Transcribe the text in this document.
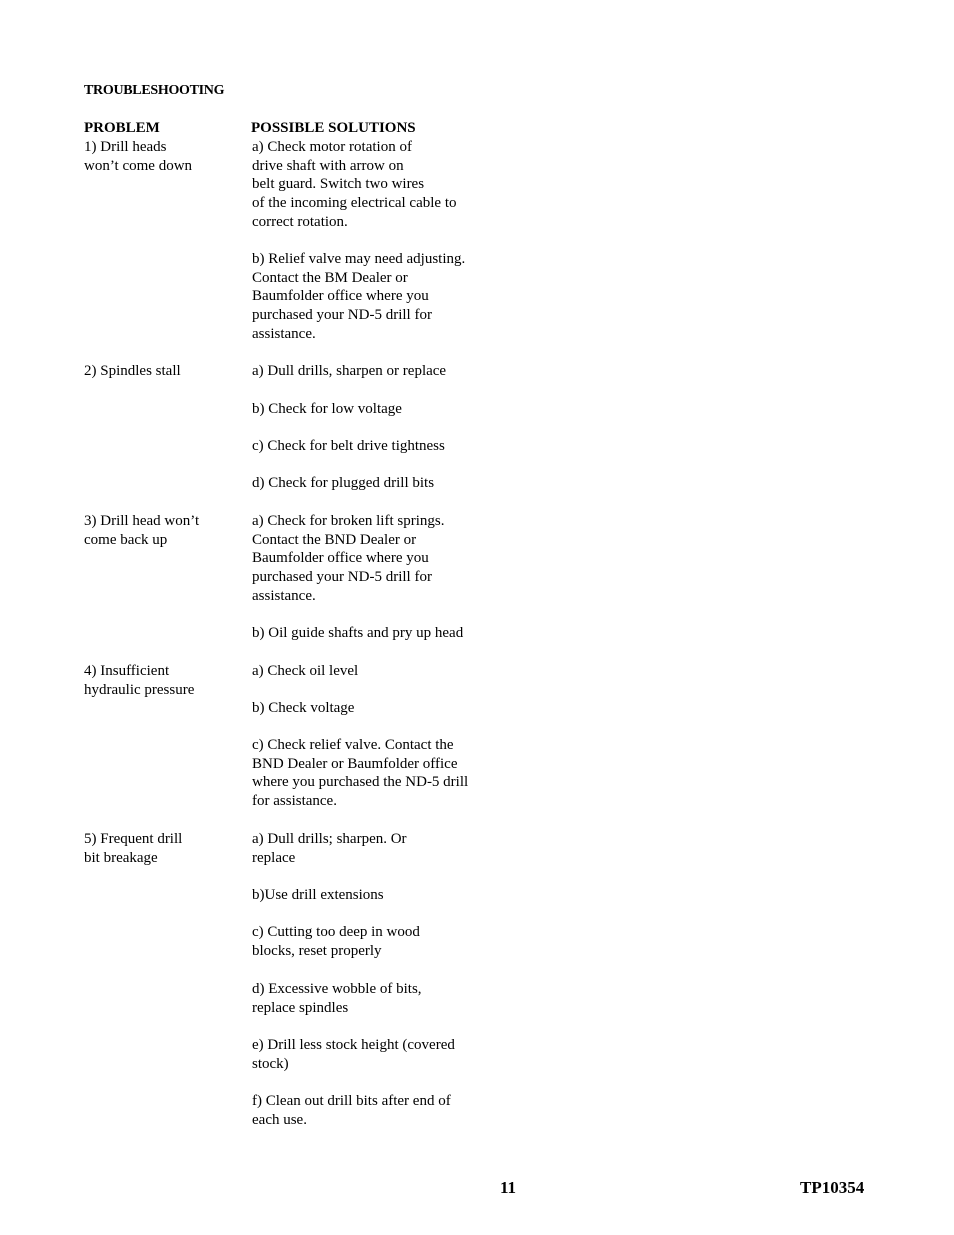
TROUBLESHOOTING
PROBLEM	POSSIBLE SOLUTIONS
1) Drill heads
won’t come down
2) Spindles stall
3) Drill head won’t
come back up
4) Insufficient
hydraulic pressure
5) Frequent drill
bit breakage
a) Check motor rotation of
drive shaft with arrow on
belt guard. Switch two wires
of the incoming electrical cable to
correct rotation.
b) Relief valve may need adjusting.
Contact the BM Dealer or
Baumfolder office where you
purchased your ND-5 drill for
assistance.
a) Dull drills, sharpen or replace
b) Check for low voltage
c) Check for belt drive tightness
d) Check for plugged drill bits
a) Check for broken lift springs.
Contact the BND Dealer or
Baumfolder office where you
purchased your ND-5 drill for
assistance.
b) Oil guide shafts and pry up head
a) Check oil level
b) Check voltage
c) Check relief valve. Contact the
BND Dealer or Baumfolder office
where you purchased the ND-5 drill
for assistance.
a) Dull drills; sharpen. Or
replace
b)Use drill extensions
c) Cutting too deep in wood
blocks, reset properly
d) Excessive wobble of bits,
replace spindles
e) Drill less stock height (covered
stock)
f) Clean out drill bits after end of
each use.
11	TP10354
